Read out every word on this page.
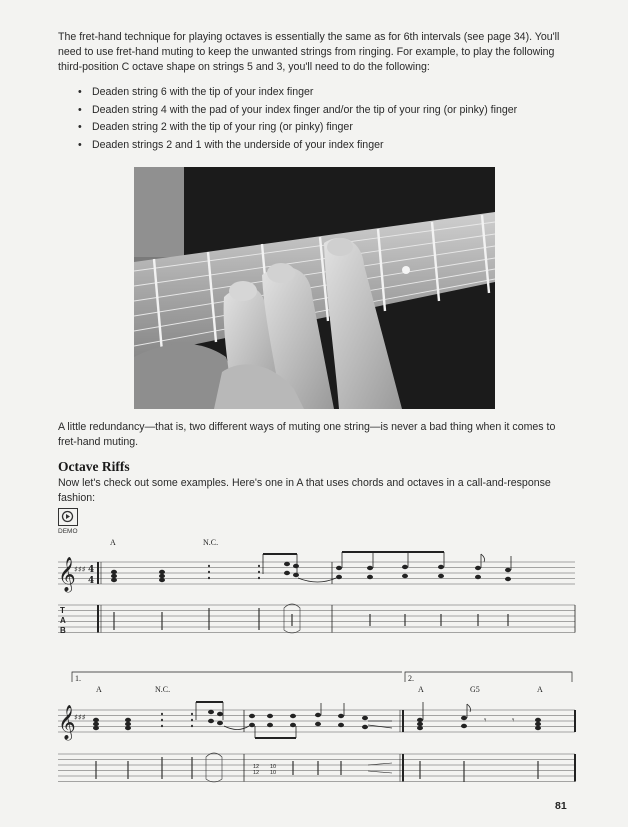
The fret-hand technique for playing octaves is essentially the same as for 6th intervals (see page 34). You'll need to use fret-hand muting to keep the unwanted strings from ringing. For example, to play the following third-position C octave shape on strings 5 and 3, you'll need to do the following:

• Deaden string 6 with the tip of your index finger
• Deaden string 4 with the pad of your index finger and/or the tip of your ring (or pinky) finger
• Deaden string 2 with the tip of your ring (or pinky) finger
• Deaden strings 2 and 1 with the underside of your index finger

A little redundancy—that is, two different ways of muting one string—is never a bad thing when it comes to fret-hand muting.

Octave Riffs

Now let's check out some examples. Here's one in A that uses chords and octaves in a call-and-response fashion:

DEMO
A	N.C.
𝄞
♯♯♯ 4
4
T
A
B
1.	2.
A	N.C.	A	G5	A
𝄞
♯♯♯	𝄾	𝄾
12 10
12 10
81
